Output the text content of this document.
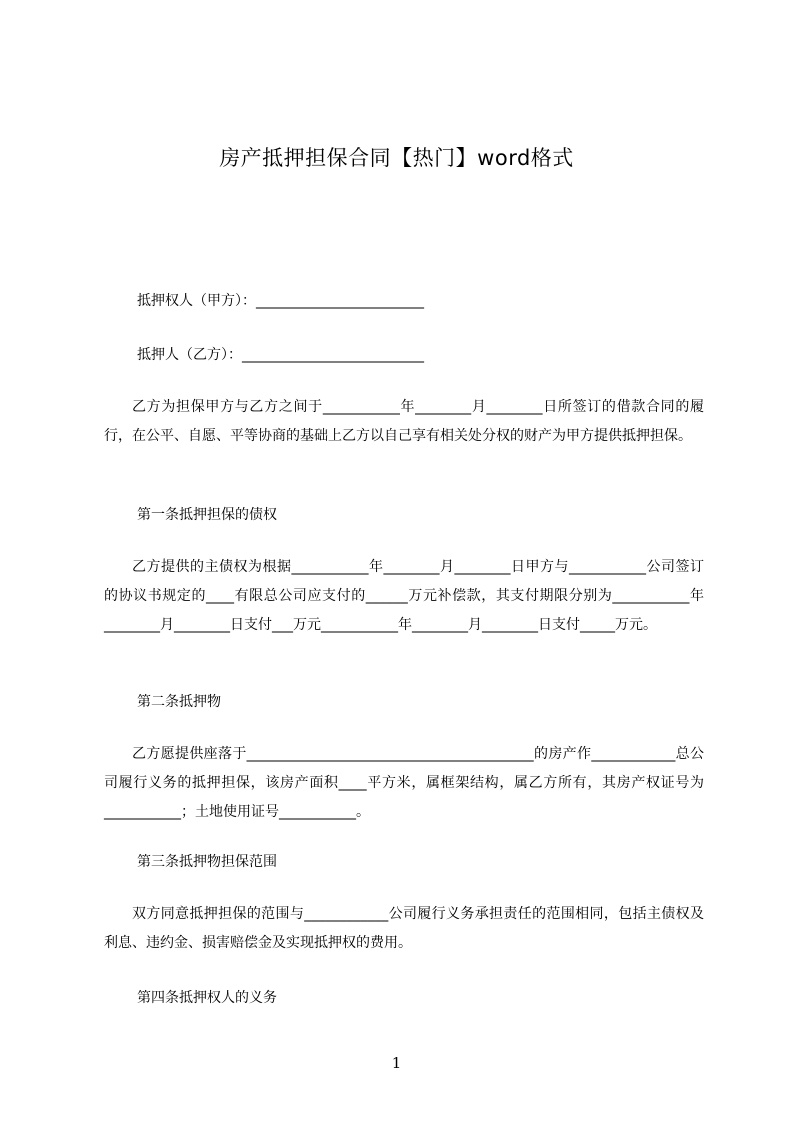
房产抵押担保合同【热门】word格式
抵押权人（甲方）：________________________
抵押人（乙方）：__________________________
乙方为担保甲方与乙方之间于___________年________月________日所签订的借款合同的履行，在公平、自愿、平等协商的基础上乙方以自己享有相关处分权的财产为甲方提供抵押担保。
第一条抵押担保的债权
乙方提供的主债权为根据___________年________月________日甲方与___________公司签订的协议书规定的____有限总公司应支付的______万元补偿款，其支付期限分别为___________年________月________日支付___万元___________年________月________日支付_____万元。
第二条抵押物
乙方愿提供座落于_________________________________________的房产作____________总公司履行义务的抵押担保，该房产面积____平方米，属框架结构，属乙方所有，其房产权证号为___________；土地使用证号___________。
第三条抵押物担保范围
双方同意抵押担保的范围与____________公司履行义务承担责任的范围相同，包括主债权及利息、违约金、损害赔偿金及实现抵押权的费用。
第四条抵押权人的义务
1
